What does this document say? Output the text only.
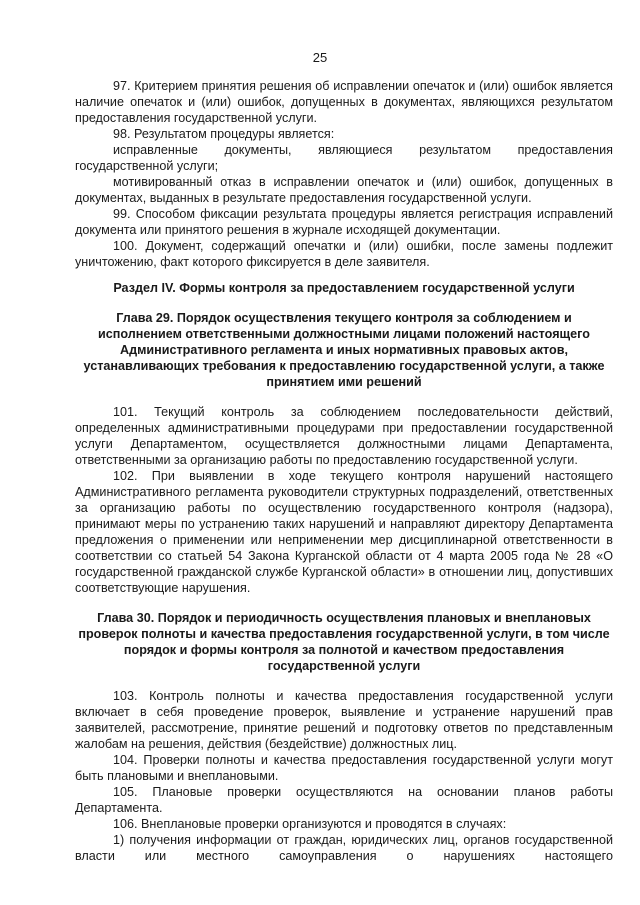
25

97. Критерием принятия решения об исправлении опечаток и (или) ошибок является наличие опечаток и (или) ошибок, допущенных в документах, являющихся результатом предоставления государственной услуги.

98. Результатом процедуры является:

исправленные документы, являющиеся результатом предоставления государственной услуги;

мотивированный отказ в исправлении опечаток и (или) ошибок, допущенных в документах, выданных в результате предоставления государственной услуги.

99. Способом фиксации результата процедуры является регистрация исправлений документа или принятого решения в журнале исходящей документации.

100. Документ, содержащий опечатки и (или) ошибки, после замены подлежит уничтожению, факт которого фиксируется в деле заявителя.

Раздел IV. Формы контроля за предоставлением государственной услуги

Глава 29. Порядок осуществления текущего контроля за соблюдением и исполнением ответственными должностными лицами положений настоящего Административного регламента и иных нормативных правовых актов, устанавливающих требования к предоставлению государственной услуги, а также принятием ими решений

101. Текущий контроль за соблюдением последовательности действий, определенных административными процедурами при предоставлении государственной услуги Департаментом, осуществляется должностными лицами Департамента, ответственными за организацию работы по предоставлению государственной услуги.

102. При выявлении в ходе текущего контроля нарушений настоящего Административного регламента руководители структурных подразделений, ответственных за организацию работы по осуществлению государственного контроля (надзора), принимают меры по устранению таких нарушений и направляют директору Департамента предложения о применении или неприменении мер дисциплинарной ответственности в соответствии со статьей 54 Закона Курганской области от 4 марта 2005 года № 28 «О государственной гражданской службе Курганской области» в отношении лиц, допустивших соответствующие нарушения.

Глава 30. Порядок и периодичность осуществления плановых и внеплановых проверок полноты и качества предоставления государственной услуги, в том числе порядок и формы контроля за полнотой и качеством предоставления государственной услуги

103. Контроль полноты и качества предоставления государственной услуги включает в себя проведение проверок, выявление и устранение нарушений прав заявителей, рассмотрение, принятие решений и подготовку ответов по представленным жалобам на решения, действия (бездействие) должностных лиц.

104. Проверки полноты и качества предоставления государственной услуги могут быть плановыми и внеплановыми.

105. Плановые проверки осуществляются на основании планов работы Департамента.

106. Внеплановые проверки организуются и проводятся в случаях:

1) получения информации от граждан, юридических лиц, органов государственной власти или местного самоуправления о нарушениях настоящего
